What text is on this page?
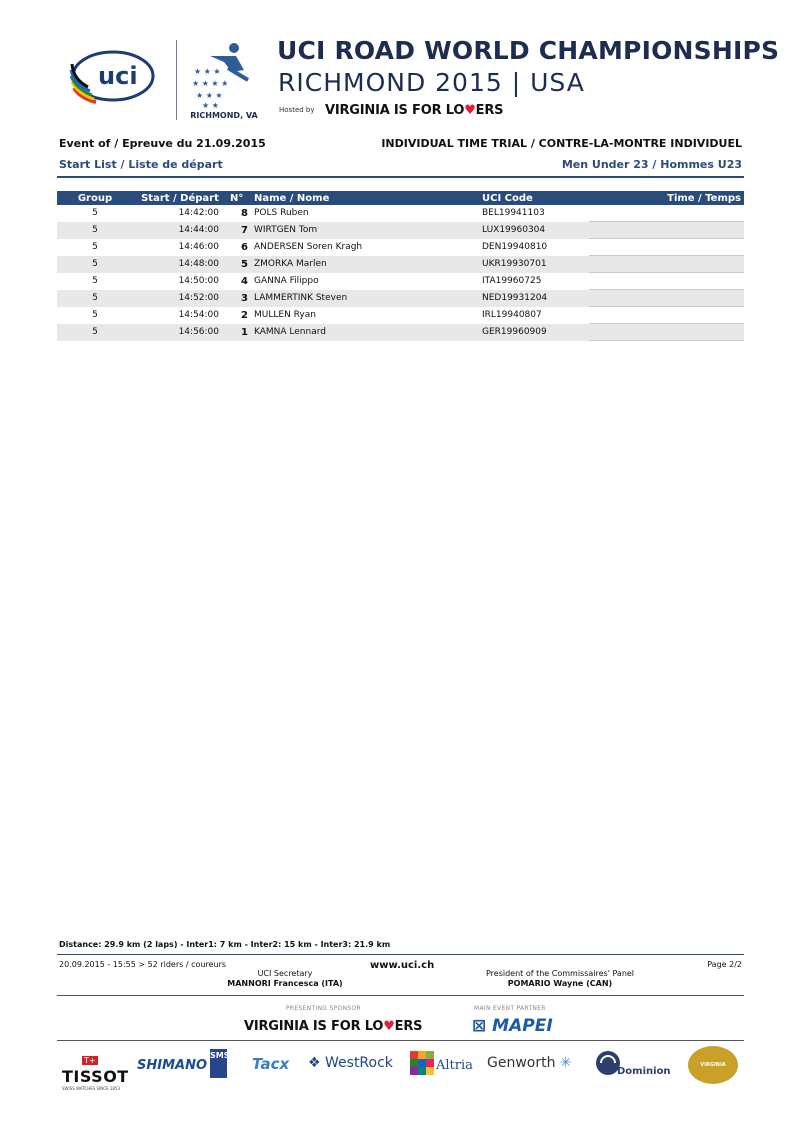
uci	★ ★ ★
★ ★ ★ ★
★ ★ ★
★ ★
RICHMOND, VA
UCI ROAD WORLD CHAMPIONSHIPS
RICHMOND 2015 | USA
Hosted by VIRGINIA IS FOR LO♥ERS
Event of / Epreuve du 21.09.2015	INDIVIDUAL TIME TRIAL / CONTRE-LA-MONTRE INDIVIDUEL
Start List / Liste de départ	Men Under 23 / Hommes U23
Group	Start / Départ	N°	Name / Nome	UCI Code	Time / Temps
5	14:42:00	8	POLS Ruben	BEL19941103	
5	14:44:00	7	WIRTGEN Tom	LUX19960304	
5	14:46:00	6	ANDERSEN Soren Kragh	DEN19940810	
5	14:48:00	5	ZMORKA Marlen	UKR19930701	
5	14:50:00	4	GANNA Filippo	ITA19960725	
5	14:52:00	3	LAMMERTINK Steven	NED19931204	
5	14:54:00	2	MULLEN Ryan	IRL19940807	
5	14:56:00	1	KAMNA Lennard	GER19960909	
Distance: 29.9 km (2 laps) - Inter1: 7 km - Inter2: 15 km - Inter3: 21.9 km
20.09.2015 - 15:55 > 52 riders / coureurs	www.uci.ch	Page 2/2
UCI Secretary
MANNORI Francesca (ITA)
President of the Commissaires' Panel
POMARIO Wayne (CAN)
PRESENTING SPONSOR	MAIN EVENT PARTNER
VIRGINIA IS FOR LO♥ERS	⊠ MAPEI
T+
TISSOT
SWISS WATCHES SINCE 1853
SHIMANO
SMS Tacx ❖ WestRock	Altria Genworth ✳
Dominion
VIRGINIA
